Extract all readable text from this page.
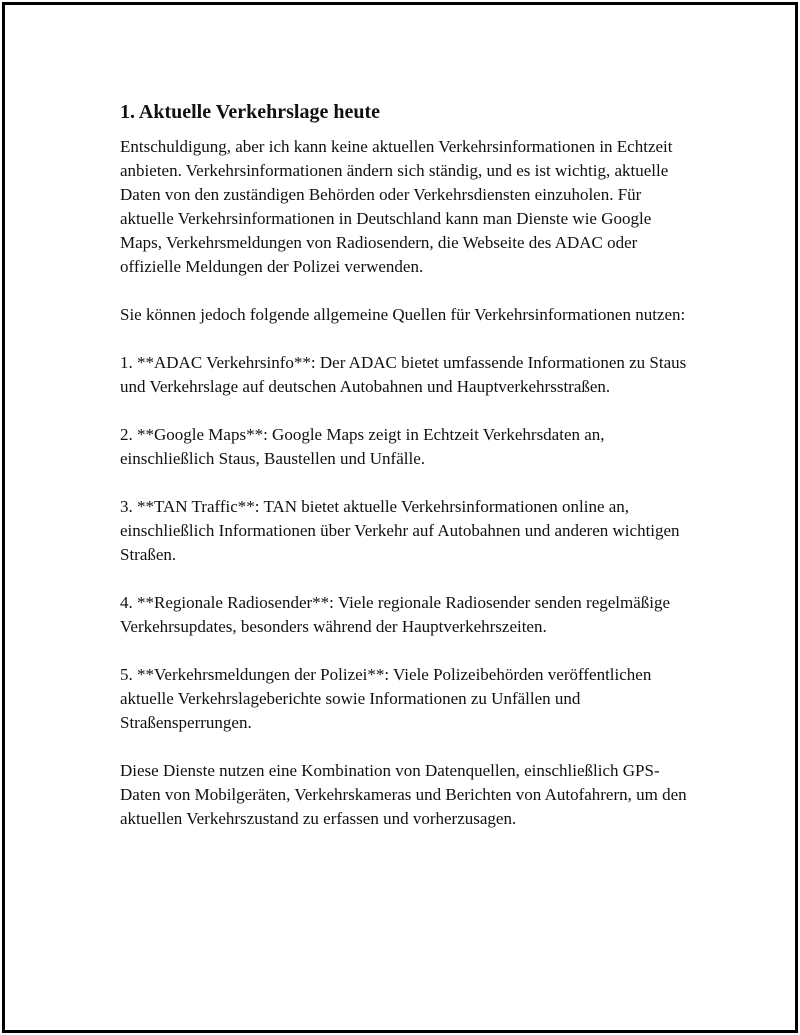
1. Aktuelle Verkehrslage heute

Entschuldigung, aber ich kann keine aktuellen Verkehrsinformationen in Echtzeit anbieten. Verkehrsinformationen ändern sich ständig, und es ist wichtig, aktuelle Daten von den zuständigen Behörden oder Verkehrsdiensten einzuholen. Für aktuelle Verkehrsinformationen in Deutschland kann man Dienste wie Google Maps, Verkehrsmeldungen von Radiosendern, die Webseite des ADAC oder offizielle Meldungen der Polizei verwenden.

Sie können jedoch folgende allgemeine Quellen für Verkehrsinformationen nutzen:

1. **ADAC Verkehrsinfo**: Der ADAC bietet umfassende Informationen zu Staus und Verkehrslage auf deutschen Autobahnen und Hauptverkehrsstraßen.

2. **Google Maps**: Google Maps zeigt in Echtzeit Verkehrsdaten an, einschließlich Staus, Baustellen und Unfälle.

3. **TAN Traffic**: TAN bietet aktuelle Verkehrsinformationen online an, einschließlich Informationen über Verkehr auf Autobahnen und anderen wichtigen Straßen.

4. **Regionale Radiosender**: Viele regionale Radiosender senden regelmäßige Verkehrsupdates, besonders während der Hauptverkehrszeiten.

5. **Verkehrsmeldungen der Polizei**: Viele Polizeibehörden veröffentlichen aktuelle Verkehrslageberichte sowie Informationen zu Unfällen und Straßensperrungen.

Diese Dienste nutzen eine Kombination von Datenquellen, einschließlich GPS-Daten von Mobilgeräten, Verkehrskameras und Berichten von Autofahrern, um den aktuellen Verkehrszustand zu erfassen und vorherzusagen.
